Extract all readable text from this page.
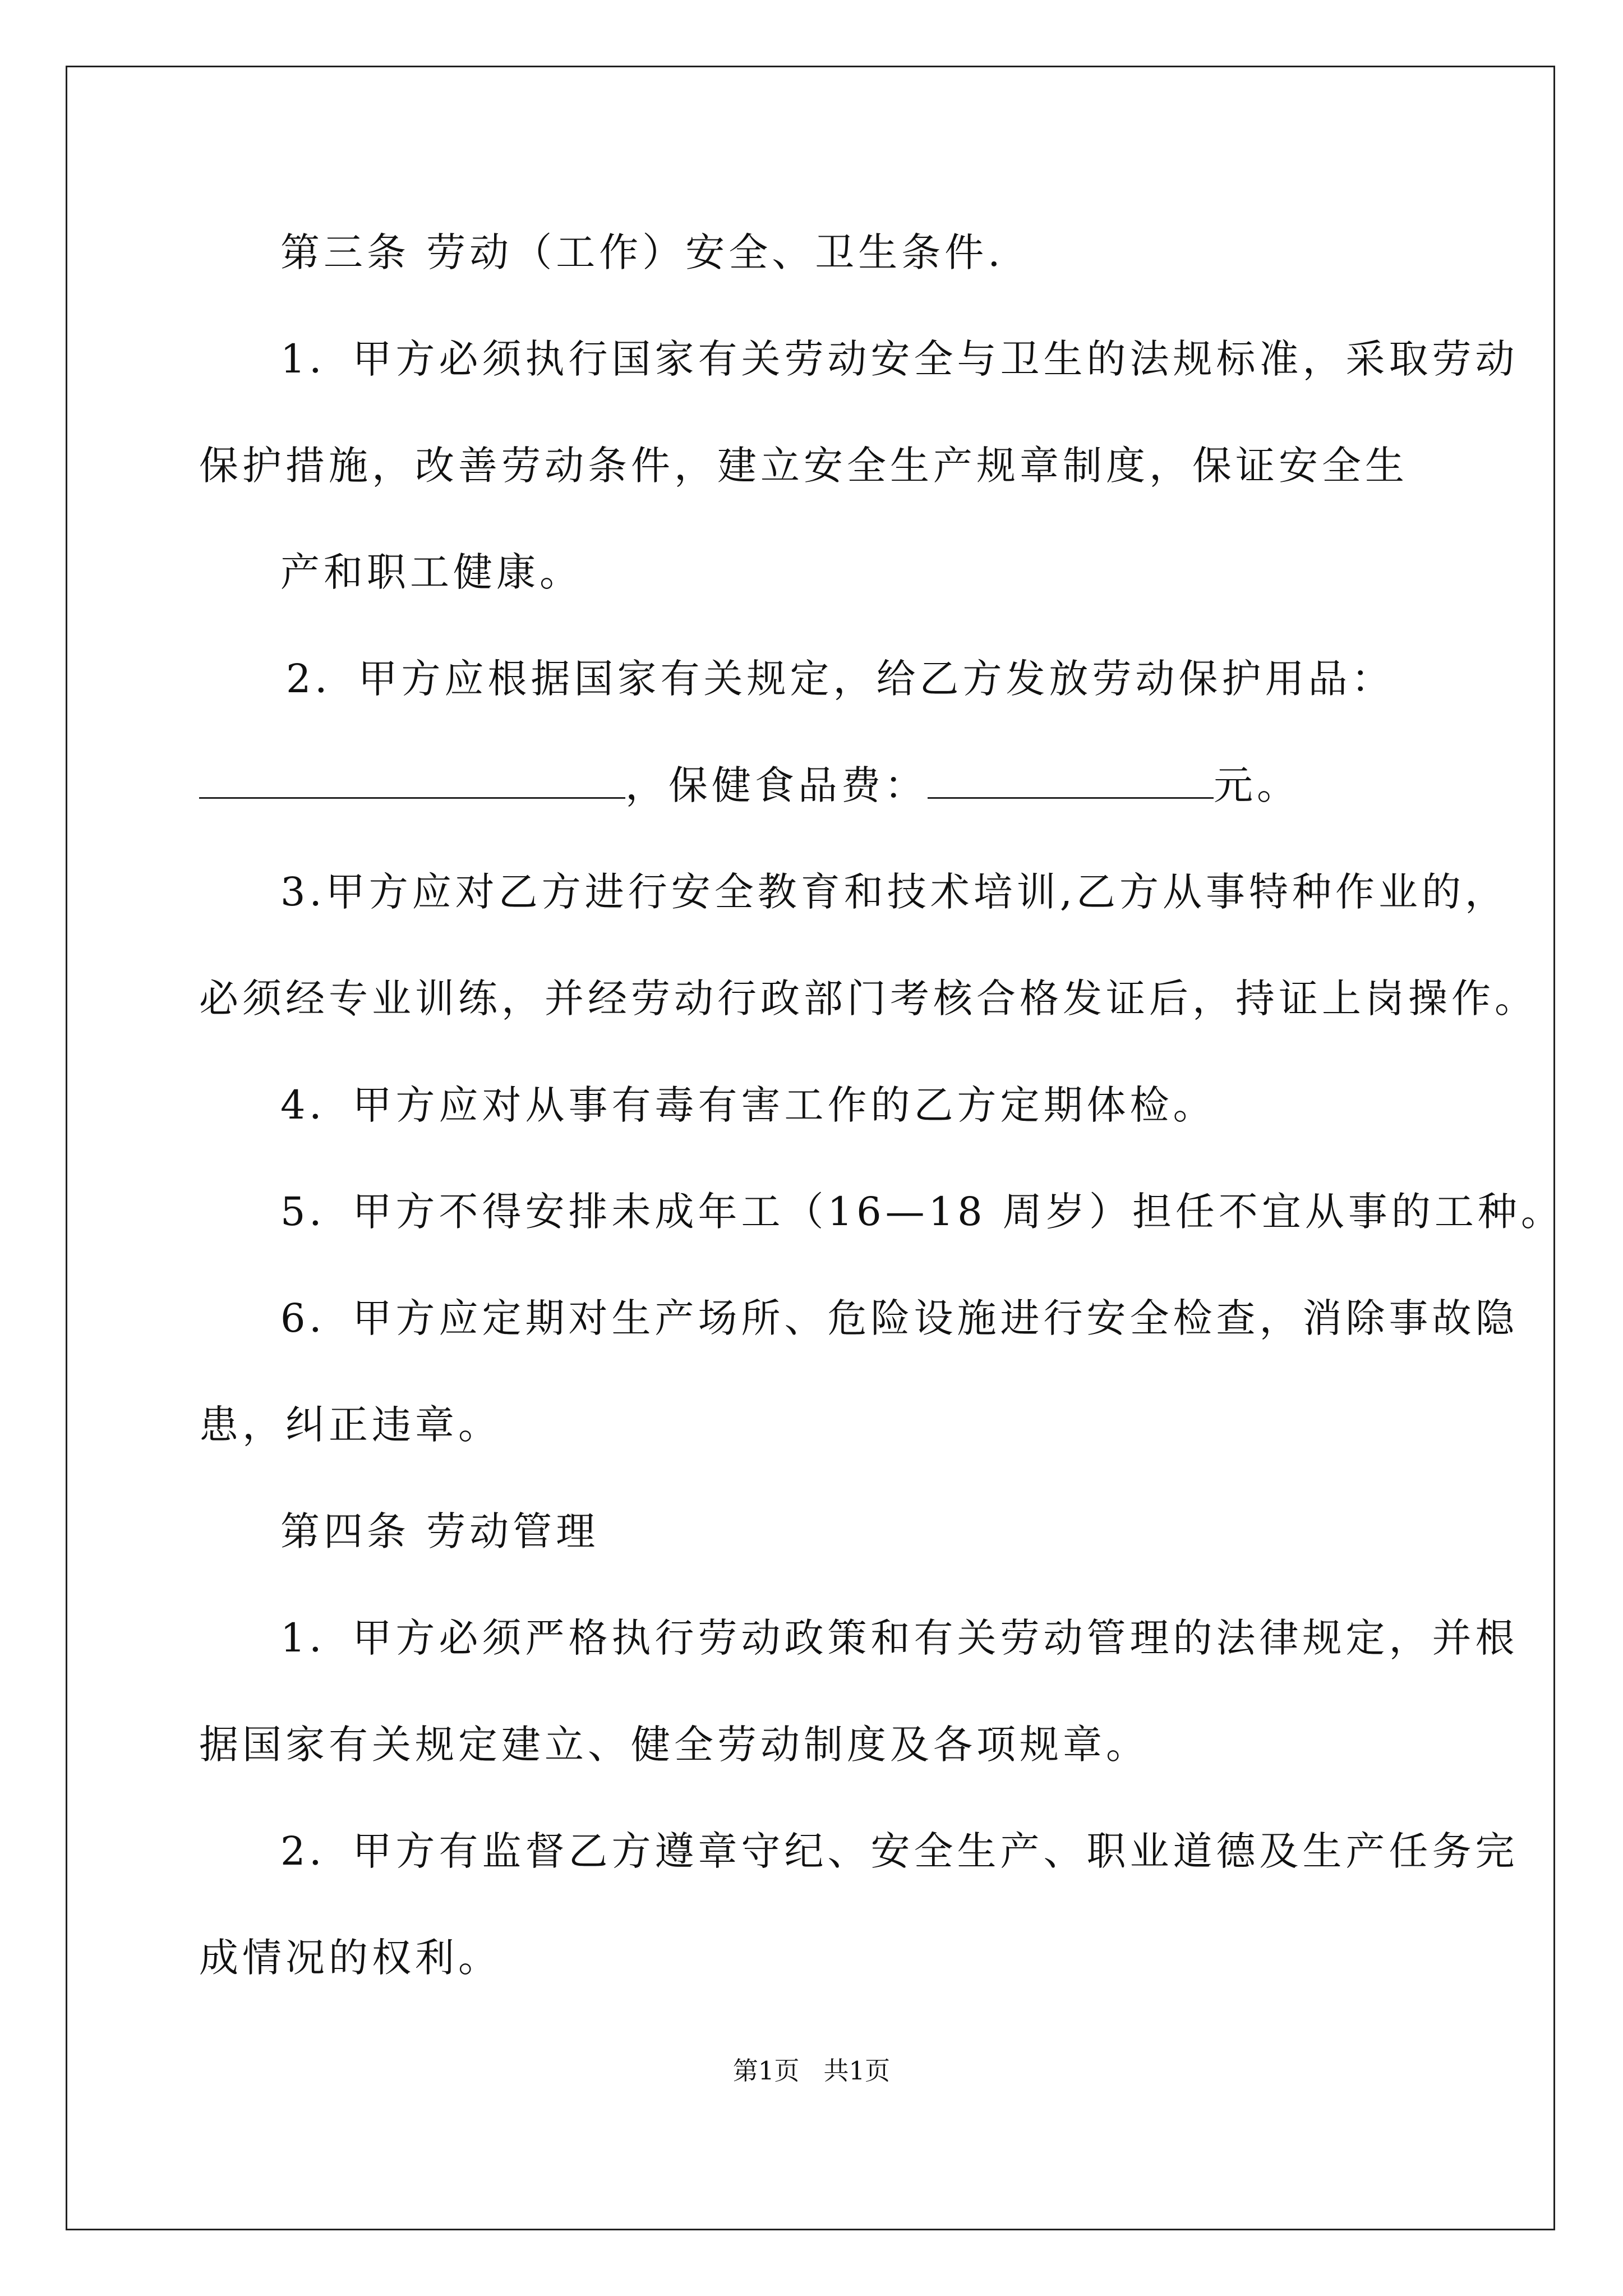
第三条 劳动（工作）安全、卫生条件.
1．甲方必须执行国家有关劳动安全与卫生的法规标准，采取劳动
保护措施，改善劳动条件，建立安全生产规章制度，保证安全生
产和职工健康。
2．甲方应根据国家有关规定，给乙方发放劳动保护用品：
，保健食品费：	元。
3.甲方应对乙方进行安全教育和技术培训,乙方从事特种作业的，
必须经专业训练，并经劳动行政部门考核合格发证后，持证上岗操作。
4．甲方应对从事有毒有害工作的乙方定期体检。
5．甲方不得安排未成年工（16—18 周岁）担任不宜从事的工种。
6．甲方应定期对生产场所、危险设施进行安全检查，消除事故隐
患，纠正违章。
第四条 劳动管理
1．甲方必须严格执行劳动政策和有关劳动管理的法律规定，并根
据国家有关规定建立、健全劳动制度及各项规章。
2．甲方有监督乙方遵章守纪、安全生产、职业道德及生产任务完
成情况的权利。
第1页   共1页
